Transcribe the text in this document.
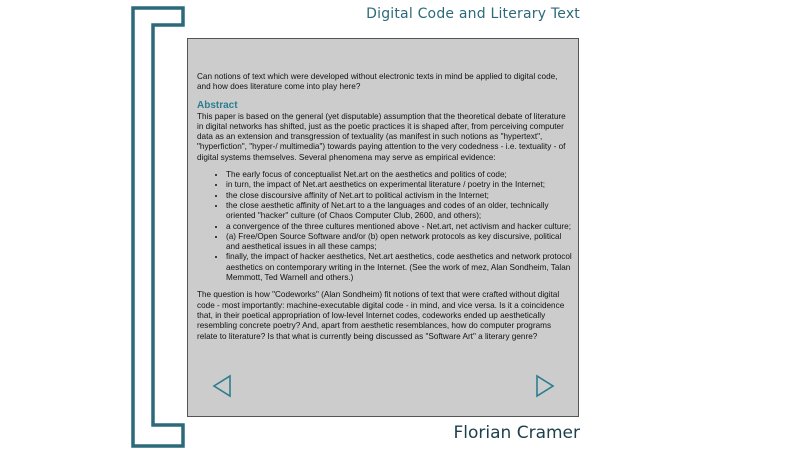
Digital Code and Literary Text

Can notions of text which were developed without electronic texts in mind be applied to digital code, and how does literature come into play here?

Abstract

This paper is based on the general (yet disputable) assumption that the theoretical debate of literature in digital networks has shifted, just as the poetic practices it is shaped after, from perceiving computer data as an extension and transgression of textuality (as manifest in such notions as "hypertext", "hyperfiction", "hyper-/ multimedia") towards paying attention to the very codedness - i.e. textuality - of digital systems themselves. Several phenomena may serve as empirical evidence:

• The early focus of conceptualist Net.art on the aesthetics and politics of code;
• in turn, the impact of Net.art aesthetics on experimental literature / poetry in the Internet;
• the close discoursive affinity of Net.art to political activism in the Internet;
• the close aesthetic affinity of Net.art to a the languages and codes of an older, technically oriented "hacker" culture (of Chaos Computer Club, 2600, and others);
• a convergence of the three cultures mentioned above - Net.art, net activism and hacker culture;
• (a) Free/Open Source Software and/or (b) open network protocols as key discursive, political and aesthetical issues in all these camps;
• finally, the impact of hacker aesthetics, Net.art aesthetics, code aesthetics and network protocol aesthetics on contemporary writing in the Internet. (See the work of mez, Alan Sondheim, Talan Memmott, Ted Warnell and others.)

The question is how "Codeworks" (Alan Sondheim) fit notions of text that were crafted without digital code - most importantly: machine-executable digital code - in mind, and vice versa. Is it a coincidence that, in their poetical appropriation of low-level Internet codes, codeworks ended up aesthetically resembling concrete poetry? And, apart from aesthetic resemblances, how do computer programs relate to literature? Is that what is currently being discussed as "Software Art" a literary genre?

Florian Cramer
